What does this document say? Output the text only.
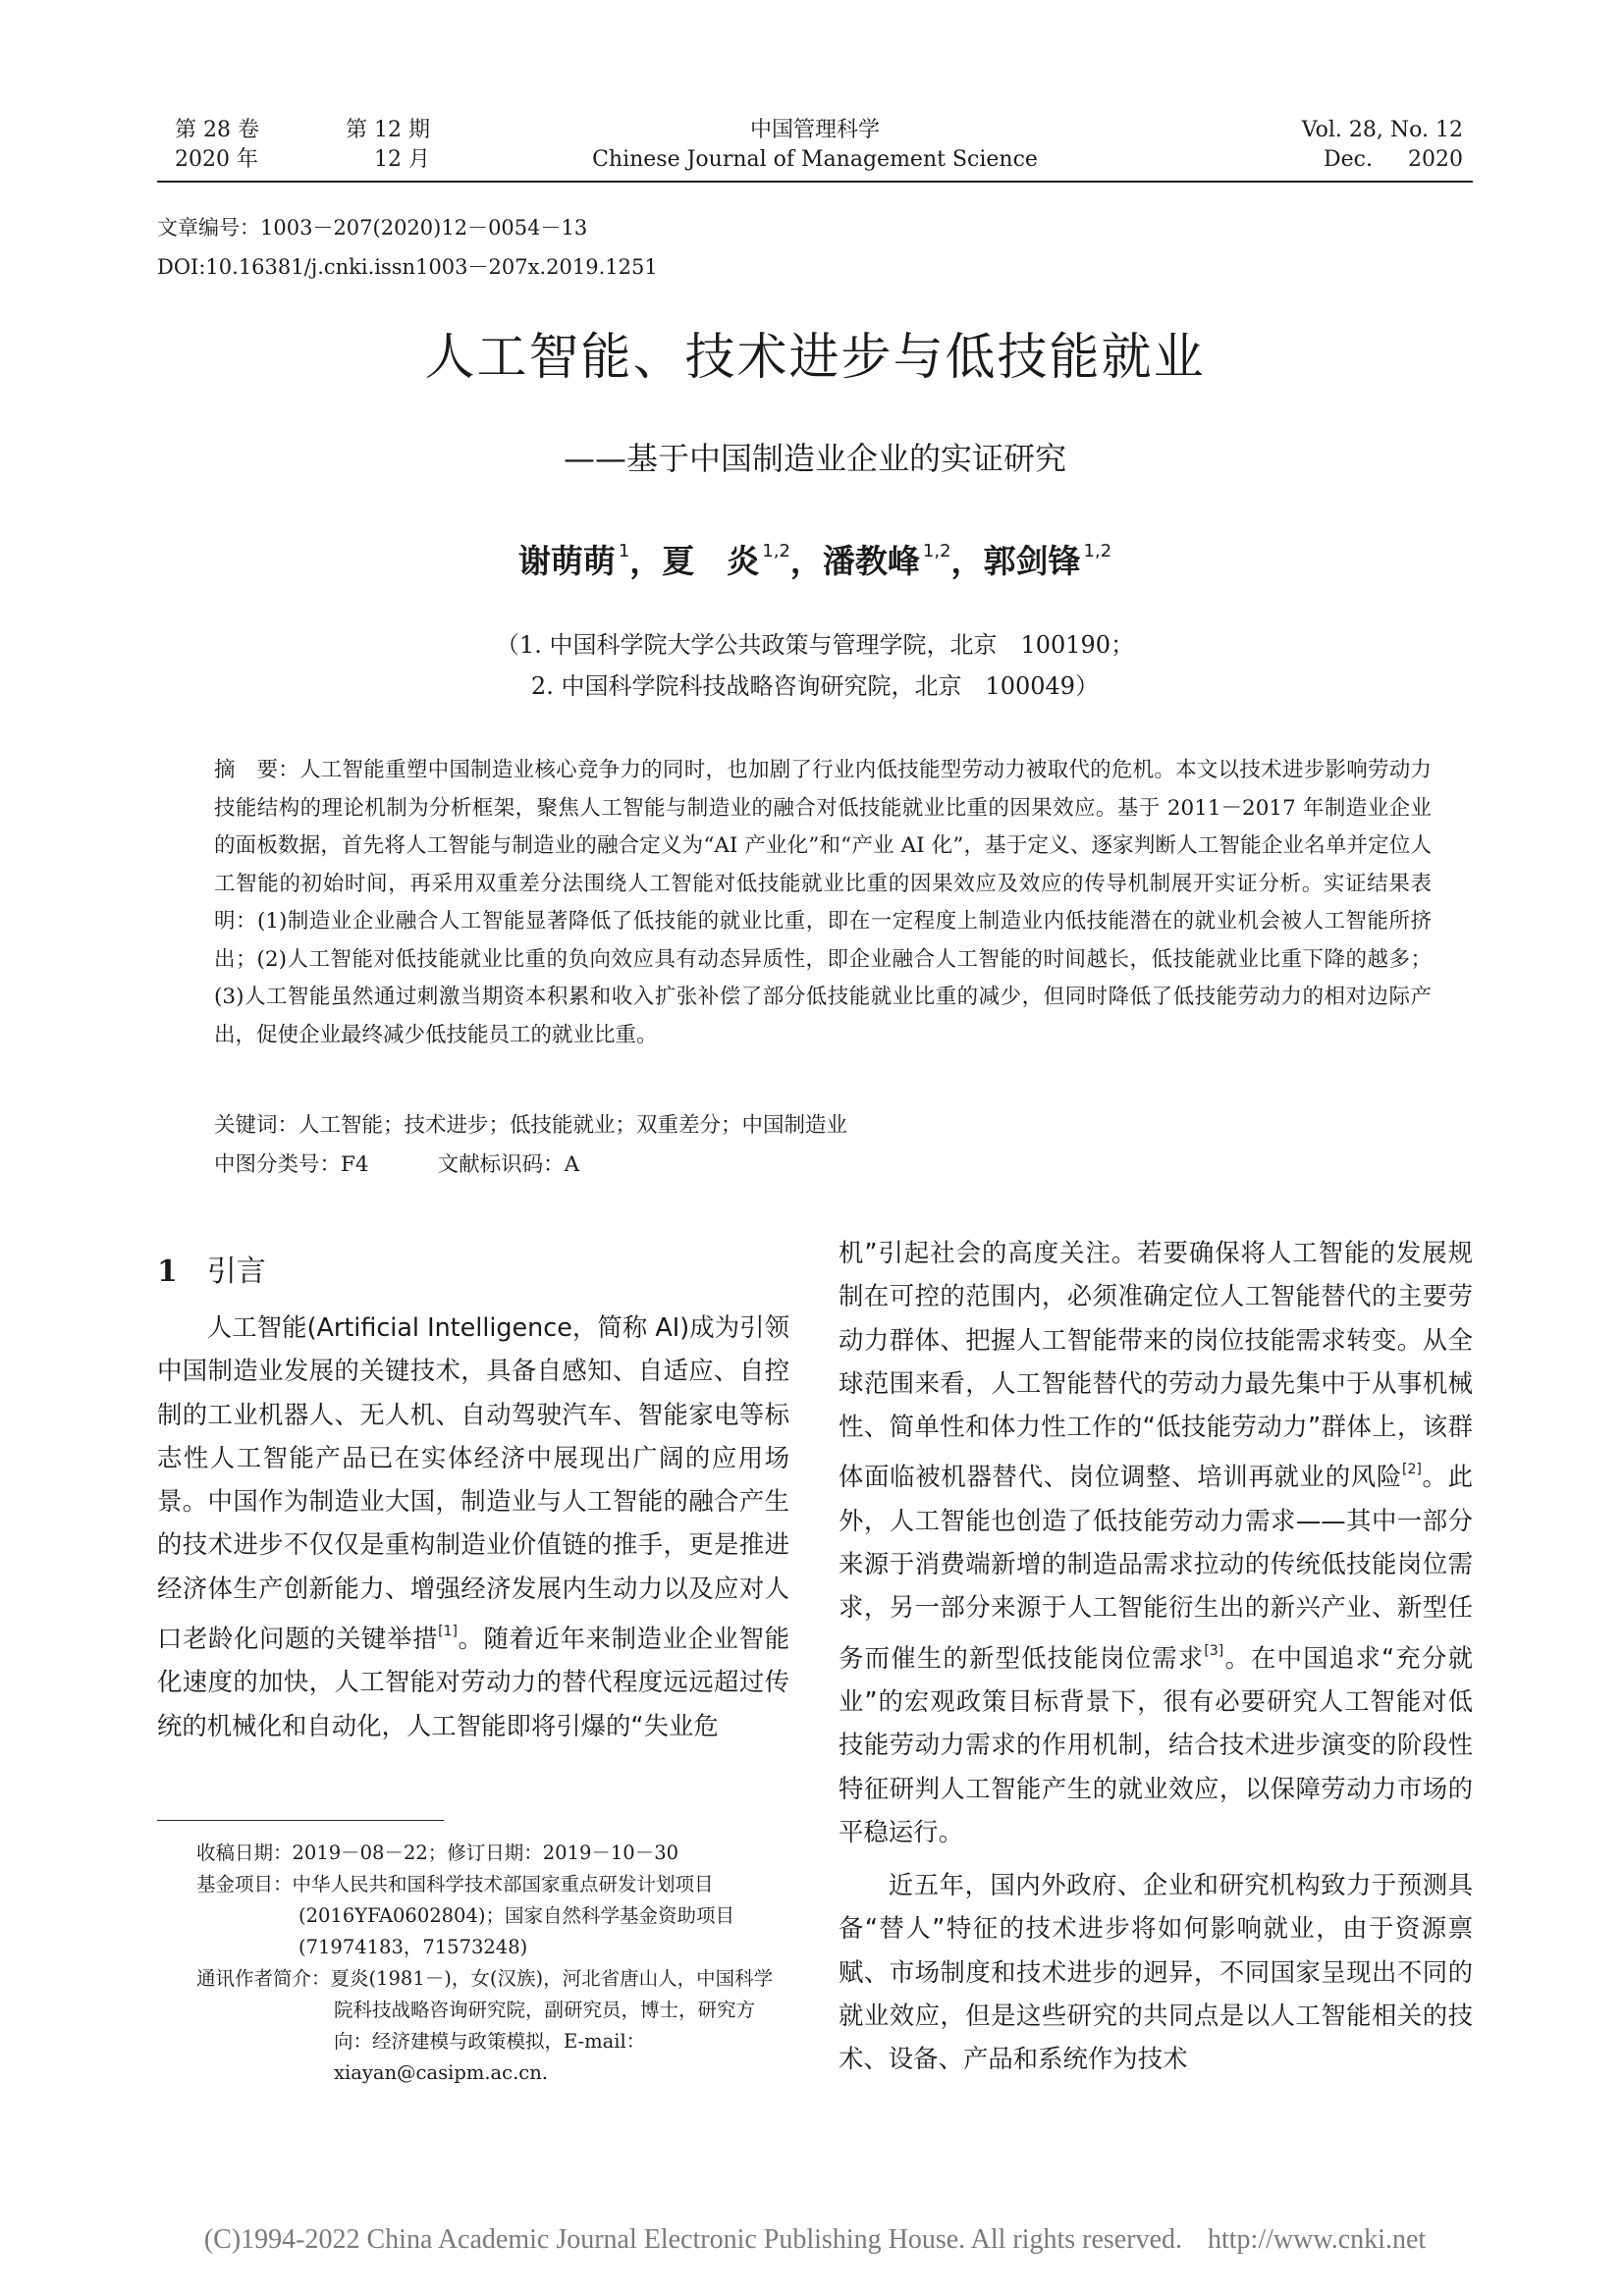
第 28 卷	第 12 期
2020 年	12 月
中国管理科学
Chinese Journal of Management Science
Vol. 28, No. 12
Dec. 2020
文章编号：1003－207(2020)12－0054－13
DOI:10.16381/j.cnki.issn1003－207x.2019.1251
人工智能、技术进步与低技能就业
——基于中国制造业企业的实证研究
谢萌萌 $^1$，夏　炎 $^{1,2}$，潘教峰 $^{1,2}$，郭剑锋 $^{1,2}$
（1. 中国科学院大学公共政策与管理学院，北京　100190；
2. 中国科学院科技战略咨询研究院，北京　100049）

摘　要：人工智能重塑中国制造业核心竞争力的同时，也加剧了行业内低技能型劳动力被取代的危机。本文以技术进步影响劳动力技能结构的理论机制为分析框架，聚焦人工智能与制造业的融合对低技能就业比重的因果效应。基于 2011－2017 年制造业企业的面板数据，首先将人工智能与制造业的融合定义为“AI 产业化”和“产业 AI 化”，基于定义、逐家判断人工智能企业名单并定位人工智能的初始时间，再采用双重差分法围绕人工智能对低技能就业比重的因果效应及效应的传导机制展开实证分析。实证结果表明：(1)制造业企业融合人工智能显著降低了低技能的就业比重，即在一定程度上制造业内低技能潜在的就业机会被人工智能所挤出；(2)人工智能对低技能就业比重的负向效应具有动态异质性，即企业融合人工智能的时间越长，低技能就业比重下降的越多；(3)人工智能虽然通过刺激当期资本积累和收入扩张补偿了部分低技能就业比重的减少，但同时降低了低技能劳动力的相对边际产出，促使企业最终减少低技能员工的就业比重。

关键词：人工智能；技术进步；低技能就业；双重差分；中国制造业
中图分类号：F4	文献标识码：A
1 引言

人工智能(Artificial Intelligence，简称 AI)成为引领中国制造业发展的关键技术，具备自感知、自适应、自控制的工业机器人、无人机、自动驾驶汽车、智能家电等标志性人工智能产品已在实体经济中展现出广阔的应用场景。中国作为制造业大国，制造业与人工智能的融合产生的技术进步不仅仅是重构制造业价值链的推手，更是推进经济体生产创新能力、增强经济发展内生动力以及应对人口老龄化问题的关键举措[1]。随着近年来制造业企业智能化速度的加快，人工智能对劳动力的替代程度远远超过传统的机械化和自动化，人工智能即将引爆的“失业危

收稿日期：2019－08－22；修订日期：2019－10－30

基金项目：中华人民共和国科学技术部国家重点研发计划项目(2016YFA0602804)；国家自然科学基金资助项目(71974183，71573248)

通讯作者简介：夏炎(1981－)，女(汉族)，河北省唐山人，中国科学院科技战略咨询研究院，副研究员，博士，研究方向：经济建模与政策模拟，E-mail：xiayan@casipm.ac.cn.

机”引起社会的高度关注。若要确保将人工智能的发展规制在可控的范围内，必须准确定位人工智能替代的主要劳动力群体、把握人工智能带来的岗位技能需求转变。从全球范围来看，人工智能替代的劳动力最先集中于从事机械性、简单性和体力性工作的“低技能劳动力”群体上，该群体面临被机器替代、岗位调整、培训再就业的风险[2]。此外，人工智能也创造了低技能劳动力需求——其中一部分来源于消费端新增的制造品需求拉动的传统低技能岗位需求，另一部分来源于人工智能衍生出的新兴产业、新型任务而催生的新型低技能岗位需求[3]。在中国追求“充分就业”的宏观政策目标背景下，很有必要研究人工智能对低技能劳动力需求的作用机制，结合技术进步演变的阶段性特征研判人工智能产生的就业效应，以保障劳动力市场的平稳运行。

近五年，国内外政府、企业和研究机构致力于预测具备“替人”特征的技术进步将如何影响就业，由于资源禀赋、市场制度和技术进步的迥异，不同国家呈现出不同的就业效应，但是这些研究的共同点是以人工智能相关的技术、设备、产品和系统作为技术

(C)1994-2022 China Academic Journal Electronic Publishing House. All rights reserved. http://www.cnki.net
